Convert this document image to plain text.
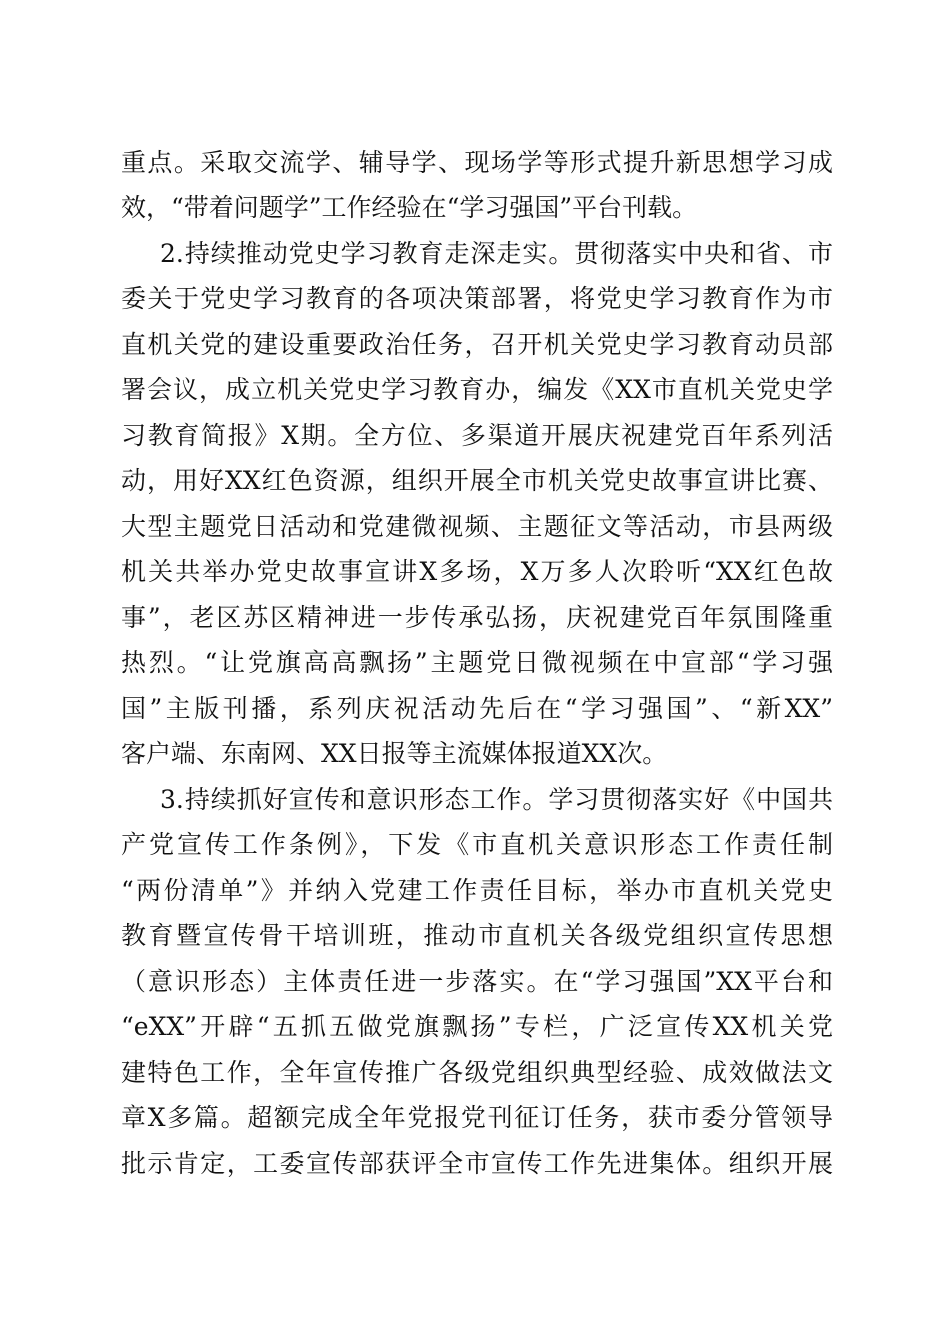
重点。采取交流学、辅导学、现场学等形式提升新思想学习成
效，“带着问题学”工作经验在“学习强国”平台刊载。
2.持续推动党史学习教育走深走实。贯彻落实中央和省、市
委关于党史学习教育的各项决策部署，将党史学习教育作为市
直机关党的建设重要政治任务，召开机关党史学习教育动员部
署会议，成立机关党史学习教育办，编发《XX市直机关党史学
习教育简报》X期。全方位、多渠道开展庆祝建党百年系列活
动，用好XX红色资源，组织开展全市机关党史故事宣讲比赛、
大型主题党日活动和党建微视频、主题征文等活动，市县两级
机关共举办党史故事宣讲X多场，X万多人次聆听“XX红色故
事”，老区苏区精神进一步传承弘扬，庆祝建党百年氛围隆重
热烈。“让党旗高高飘扬”主题党日微视频在中宣部“学习强
国”主版刊播，系列庆祝活动先后在“学习强国”、“新XX”
客户端、东南网、XX日报等主流媒体报道XX次。
3.持续抓好宣传和意识形态工作。学习贯彻落实好《中国共
产党宣传工作条例》，下发《市直机关意识形态工作责任制
“两份清单”》并纳入党建工作责任目标，举办市直机关党史
教育暨宣传骨干培训班，推动市直机关各级党组织宣传思想
（意识形态）主体责任进一步落实。在“学习强国”XX平台和
“eXX”开辟“五抓五做党旗飘扬”专栏，广泛宣传XX机关党
建特色工作，全年宣传推广各级党组织典型经验、成效做法文
章X多篇。超额完成全年党报党刊征订任务，获市委分管领导
批示肯定，工委宣传部获评全市宣传工作先进集体。组织开展
